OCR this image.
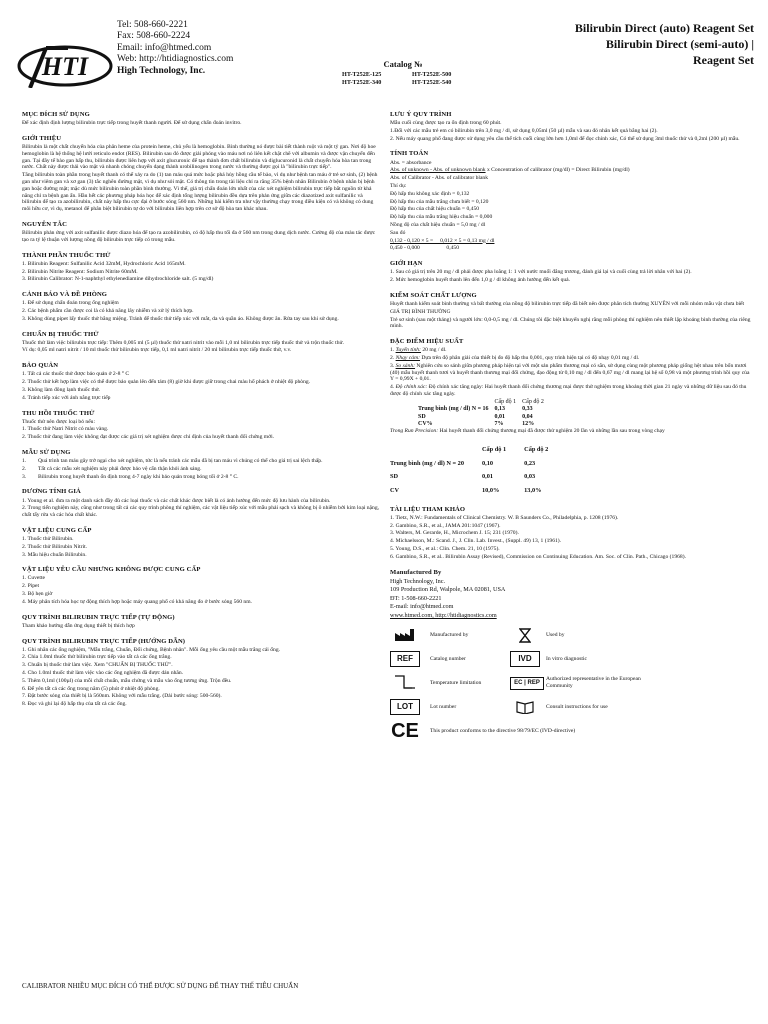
HTI
Tel: 508-660-2221
Fax: 508-660-2224
Email: info@htmed.com
Web: http://htidiagnostics.com
High Technology, Inc.
Bilirubin Direct (auto) Reagent Set
Bilirubin Direct (semi-auto) |
Reagent Set
Catalog №
HT-T252E-125	HT-T252E-500
HT-T252E-340	HT-T252E-540
MỤC ĐÍCH SỬ DỤNG
Để xác định định lượng bilirubin trực tiếp trong huyết thanh người. Để sử dụng chẩn đoán invitro.
GIỚI THIỆU
Bilirubin là một chất chuyển hóa của phân heme của protein heme, chủ yếu là hemoglobin. Bình thường nó được bài tiết thành ruột và một tỷ gan. Nơi độ hoe hemoglobin là hệ thống hệ lưới reticulo endot (RES). Bilirubin sau đó được giải phóng vào máu nơi nó liên kết chặt chẽ với albumin và được vận chuyển đến gan. Tại đây tế bào gan hấp thu, bilirubin được liên hợp với axit glucuronic để tạo thành đơn chất bilirubin và diglucuronid là chất chuyển hóa hòa tan trong nước. Chất này được thải vào mật và nhanh chóng chuyển dạng thành urobilinogen trong nước và thường được gọi là "bilirubin trực tiếp".
Tăng bilirubin toàn phần trong huyết thanh có thể xảy ra do (1) tan máu quá mức hoặc phá hủy hồng cầu tế bào, vì dụ như bệnh tan máu ở trẻ sơ sinh, (2) bệnh gan như viêm gan và xơ gan (3) tắc nghẽn đường mật, vì dụ như sỏi mật. Có thông tin trong tài liệu chỉ ra rằng 35% bệnh nhân Bilirubin ở bệnh nhân bị bệnh gan hoặc đường mật; mặc dù mức bilirubin toàn phần bình thường. Vì thế, giá trị chẩn đoán lớn nhất của các xét nghiệm bilirubin trực tiếp bắt nguồn từ khả năng chỉ ra bệnh gan ẩn. Hầu hết các phương pháp hóa học để xác định tổng lượng bilirubin đều dựa trên phản ứng giữa các diazotized axit sulfanilic và bilirubin để tạo ra azobilirubin, chất này hấp thu cực đại ở bước sóng 560 nm. Những bài kiểm tra như vậy thường chạy trong điều kiện có và không có dung môi hữu cơ, vì dụ, metanol để phân biệt bilirubin tự do với bilirubin liên hợp trên cơ sở độ hòa tan khác nhau.
NGUYÊN TẮC
Bilirubin phản ứng với axit sulfanilic được diazo hóa để tạo ra azobilirubin, có độ hấp thu tối đa ở 560 nm trong dung dịch nước. Cường độ của màu tác được tạo ra tỷ lệ thuận với lượng nồng độ bilirubin trực tiếp có trong mẫu.
THÀNH PHẦN THUỐC THỬ
1. Bilirubin Reagent: Sulfanilic Acid 32mM, Hydrochloric Acid 165mM.
2. Bilirubin Nitrite Reagent: Sodium Nitrite 60mM.
3. Bilirubin Calibrator: N-1-naphthyl ethylenediamine dihydrochloride salt. (5 mg/dl)
CẢNH BÁO VÀ ĐỀ PHÒNG
1. Để sử dụng chẩn đoán trong ống nghiệm
2. Các bệnh phẩm cần được coi là có khả năng lây nhiễm và xử lý thích hợp.
3. Không dùng pipet lấy thuốc thử bằng miệng. Tránh để thuốc thử tiếp xúc với mắt, da và quần áo. Không được ăn. Rửa tay sau khi sử dụng.
CHUẨN BỊ THUỐC THỬ
Thuốc thử làm việc bilirubin trực tiếp: Thêm 0,005 ml (5 µl) thuốc thử natri nitrit vào mỗi 1,0 ml bilirubin trực tiếp thuốc thử và trộn thuốc thử.
Ví dụ: 0,05 ml natri nitrit / 10 ml thuốc thử bilirubin trực tiếp, 0,1 ml natri nitrit / 20 ml bilirubin trực tiếp thuốc thử, v.v.
BẢO QUẢN
1. Tất cả các thuốc thử được bảo quản ở 2-8 ° C
2. Thuốc thử kết hợp làm việc có thể được bảo quản lên đến tám (8) giờ khi được giữ trong chai màu hổ phách ở nhiệt độ phòng.
3. Không làm đông lạnh thuốc thử.
4. Tránh tiếp xúc với ánh nắng trực tiếp
THU HỒI THUỐC THỬ
Thuốc thử nên được loại bỏ nếu:
1. Thuốc thử Natri Nitrit có màu vàng.
2. Thuốc thử đang làm việc không đạt được các giá trị xét nghiệm được chỉ định của huyết thanh đối chứng mới.
MẪU SỬ DỤNG
1.	Quá trình tan máu gây trở ngại cho xét nghiệm, tức là nếu tránh các mẫu đã bị tan máu vì chúng có thể cho giá trị sai lệch thấp.
2.	Tất cả các mẫu xét nghiệm này phải được bảo vệ cẩn thận khỏi ánh sáng.
3.	Bilirubin trong huyết thanh ổn định trong 4-7 ngày khi bảo quản trong bóng tối ở 2-8 ° C.
DƯƠNG TÍNH GIẢ
1. Young et al. đưa ra một danh sách đầy đủ các loại thuốc và các chất khác được biết là có ảnh hưởng đến mức độ lưu hành của bilirubin.
2. Trong tiến nghiệm này, cũng như trong tất cả các quy trình phòng thí nghiệm, các vật liệu tiếp xúc với mẫu phải sạch và không bị ô nhiễm bởi kim loại nặng, chất tẩy rửa và các hóa chất khác.
VẬT LIỆU CUNG CẤP
1. Thuốc thử Bilirubin.
2. Thuốc thử Bilirubin Nitrit.
3. Mẫu hiệu chuẩn Bilirubin.
VẬT LIỆU YÊU CẦU NHƯNG KHÔNG ĐƯỢC CUNG CẤP
1. Cuvette
2. Pipet
3. Bộ hẹn giờ
4. Máy phân tích hóa học tự động thích hợp hoặc máy quang phổ có khả năng đo ở bước sóng 560 nm.
QUY TRÌNH BILIRUBIN TRỰC TIẾP (TỰ ĐỘNG)
Tham khảo hướng dẫn ứng dụng thiết bị thích hợp
QUY TRÌNH BILIRUBIN TRỰC TIẾP (HƯỚNG DẪN)
1. Ghi nhãn các ống nghiệm, "Mẫu trắng, Chuẩn, Đối chứng, Bệnh nhân". Mỗi ống yêu cầu một mẫu trắng cái ống.
2. Chia 1.0ml thuốc thử bilirubin trực tiếp vào tất cả các ống trắng.
3. Chuẩn bị thuốc thử làm việc. Xem "CHUẨN BỊ THUỐC THỬ".
4. Cho 1.0ml thuốc thử làm việc vào các ống nghiệm đã được dán nhãn.
5. Thêm 0,1ml (100µl) của mỗi chất chuẩn, mẫu chứng và mẫu vào ống tương ứng. Trộn đều.
6. Để yên tất cả các ống trong năm (5) phút ở nhiệt độ phòng.
7. Đặt bước sóng của thiết bị là 560nm. Không với mẫu trắng. (Dải bước sóng: 500-560).
8. Đọc và ghi lại độ hấp thụ của tất cả các ống.
LƯU Ý QUY TRÌNH
Mẫu cuối cùng được tạo ra ổn định trong 60 phút.
1.Đối với các mẫu trẻ em có bilirubin trên 3,0 mg / dl, sử dụng 0,05ml (50 µl) mẫu và sau đó nhân kết quả bằng hai (2).
2. Nếu máy quang phổ đang được sử dụng yêu cầu thể tích cuối cùng lớn hơn 1,0ml để đọc chính xác, Có thể sử dụng 3ml thuốc thử và 0,2ml (200 µl) mẫu.
TÍNH TOÁN
Abs. = absorbance
Abs. of unknown - Abs. of unknown blank x Concentration of calibrator (mg/dl) = Direct Bilirubin (mg/dl)
Abs. of Calibrator - Abs. of calibrator blank
Thí dụ:
Độ hấp thu không xác định = 0,132
Độ hấp thu của mẫu trắng chưa biết = 0,120
Độ hấp thu của chất hiệu chuẩn = 0,450
Độ hấp thu của mẫu trắng hiệu chuẩn = 0,000
Nồng độ của chất hiệu chuẩn = 5,0 mg / dl
Sau đó
0,132 - 0,120 × 5 =     0,012 × 5 = 0,13 mg / dl
0,450 - 0,000                   0,450
GIỚI HẠN
1. Sau có giá trị trên 20 mg / dl phải được pha loãng 1: 1 với nước muối đẳng trương, đánh giá lại và cuối cùng trả lời nhân với hai (2).
2. Mức hemoglobin huyết thanh lên đến 1,0 g / dl không ảnh hưởng đến kết quả.
KIỂM SOÁT CHẤT LƯỢNG
Huyết thanh kiểm soát bình thường và bất thường của nồng độ bilirubin trực tiếp đã biết nên được phân tích thường XUYÊN với mỗi nhóm mẫu vật chưa biết
GIÁ TRỊ BÌNH THƯỜNG
Trẻ sơ sinh (sau một tháng) và người lớn: 0,0-0,5 mg / dl. Chúng tôi đặc biệt khuyến nghị rằng mỗi phòng thí nghiệm nên thiết lập khoảng bình thường của riêng mình.
ĐẶC ĐIỂM HIỆU SUẤT
1. Tuyến tính: 20 mg / dl.
2. Nhạy cảm: Dựa trên độ phân giải của thiết bị đo độ hấp thu 0,001, quy trình hiện tại có độ nhạy 0,01 mg / dl.
3. So sánh: Nghiên cứu so sánh giữa phương pháp hiện tại với một sản phẩm thương mại có sẵn, sử dụng cùng một phương pháp giống hệt nhau trên bốn mươi (40) mẫu huyết thanh tươi và huyết thanh thương mại đối chứng, đạo động từ 0,10 mg / dl đến 0,67 mg / dl mang lại hệ số 0,98 và một phương trình hồi quy của Y = 0,99X + 0,01.
4. Độ chính xác: Độ chính xác tăng ngày: Hai huyết thanh đối chứng thương mại được thử nghiệm trong khoảng thời gian 21 ngày và những dữ liệu sau đó thu được độ chính xác tăng ngày.
	Cấp độ 1	Cấp độ 2
Trung bình (mg / dl) N = 16	0,13	0,33
SD	0,01	0,04
CV%	7%	12%
Trong Run Precision: Hai huyết thanh đối chứng thương mại đã được thử nghiệm 20 lần và những lần sau trong vòng chạy
	Cấp độ 1	Cấp độ 2
Trung bình (mg / dl) N = 20	0,10	0,23
SD	0,01	0,03
CV	10,0%	13,0%
TÀI LIỆU THAM KHẢO
1. Tietz, N.W.: Fundamentals of Clinical Chemistry. W. B Saunders Co., Philadelphia, p. 1208 (1976).
2. Gambino, S.R., et al., JAMA 201:1047 (1967).
3. Walters, M. Gerarde, H., Microchem J. 15; 231 (1970).
4. Michaelsson, M.: Scand. J., J. Clin. Lab. Invest., (Suppl. 49) 13, 1 (1961).
5. Young, D.S., et al.: Clin. Chem. 21, 10 (1975).
6. Gambino, S.R., et al.. Bilirubin Assay (Revised), Commission on Continuing Education. Am. Soc. of Clin. Path., Chicago (1968).
Manufactured By
High Technology, Inc.
109 Production Rd, Walpole, MA 02081, USA
ĐT: 1-508-660-2221
E-mail: info@htmed.com
www.htmed.com, http://htidiagnostics.com
Manufactured by	Used by
REF	Catalog number	IVD	In vitro diagnostic
Temperature limitation	EC | REP
Authorized representative in the European Community
LOT	Lot number	Consult instructions for use
CE This product conforms to the directive 98/79/EC (IVD-directive)
CALIBRATOR NHIỀU MỤC ĐÍCH CÓ THỂ ĐƯỢC SỬ DỤNG ĐỂ THAY THẾ TIÊU CHUẨN
